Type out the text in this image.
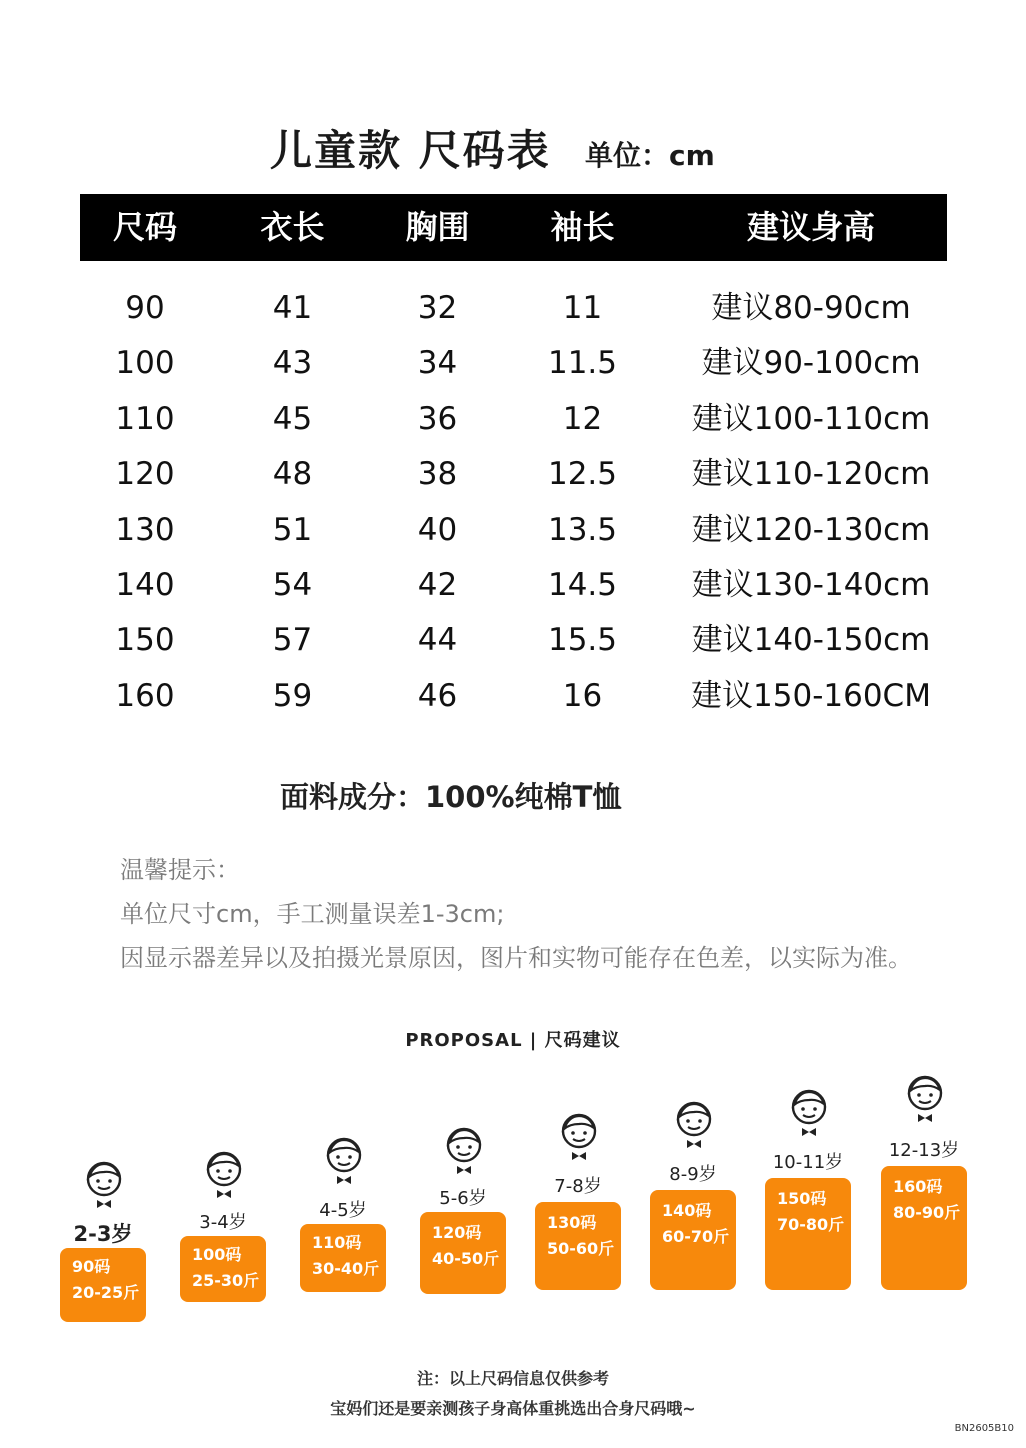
儿童款 尺码表 单位：cm
尺码	衣长	胸围	袖长	建议身高
90	41	32	11	建议80-90cm
100	43	34	11.5	建议90-100cm
110	45	36	12	建议100-110cm
120	48	38	12.5	建议110-120cm
130	51	40	13.5	建议120-130cm
140	54	42	14.5	建议130-140cm
150	57	44	15.5	建议140-150cm
160	59	46	16	建议150-160CM
面料成分：100%纯棉T恤
温馨提示：
单位尺寸cm，手工测量误差1-3cm;
因显示器差异以及拍摄光景原因，图片和实物可能存在色差，以实际为准。
PROPOSAL | 尺码建议
2-3岁
90码
20-25斤
3-4岁
100码
25-30斤
4-5岁
110码
30-40斤
5-6岁
120码
40-50斤
7-8岁
130码
50-60斤
8-9岁
140码
60-70斤
10-11岁
150码
70-80斤
12-13岁
160码
80-90斤
注：以上尺码信息仅供参考
宝妈们还是要亲测孩子身高体重挑选出合身尺码哦~
BN2605B10
